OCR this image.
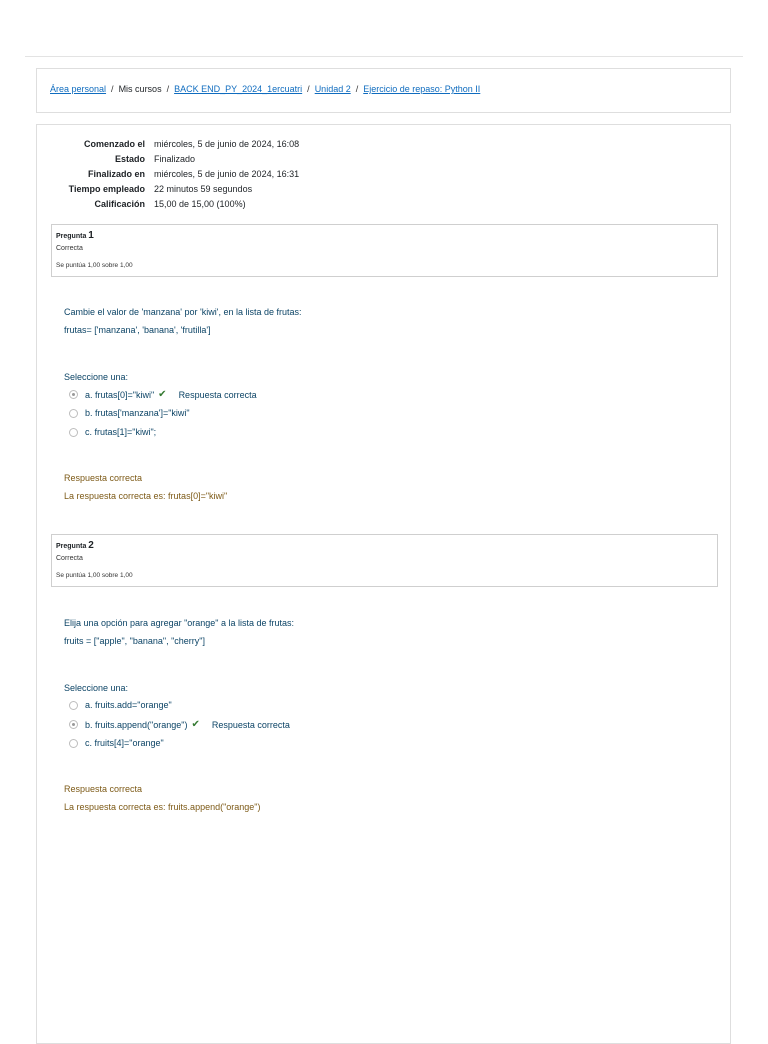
Área personal / Mis cursos / BACK END_PY_2024_1ercuatri / Unidad 2 / Ejercicio de repaso: Python II
Comenzado el	miércoles, 5 de junio de 2024, 16:08
Estado	Finalizado
Finalizado en	miércoles, 5 de junio de 2024, 16:31
Tiempo empleado	22 minutos 59 segundos
Calificación	15,00 de 15,00 (100%)
Pregunta 1
Correcta
Se puntúa 1,00 sobre 1,00
Cambie el valor de 'manzana' por 'kiwi', en la lista de frutas:
frutas= ['manzana', 'banana', 'frutilla']
Seleccione una:
a. frutas[0]="kiwi" ✔ Respuesta correcta
b. frutas['manzana']="kiwi"
c. frutas[1]="kiwi";
Respuesta correcta
La respuesta correcta es: frutas[0]="kiwi"
Pregunta 2
Correcta
Se puntúa 1,00 sobre 1,00
Elija una opción para agregar "orange" a la lista de frutas:
fruits = ["apple", "banana", "cherry"]
Seleccione una:
a. fruits.add="orange"
b. fruits.append("orange") ✔ Respuesta correcta
c. fruits[4]="orange"
Respuesta correcta
La respuesta correcta es: fruits.append("orange")
